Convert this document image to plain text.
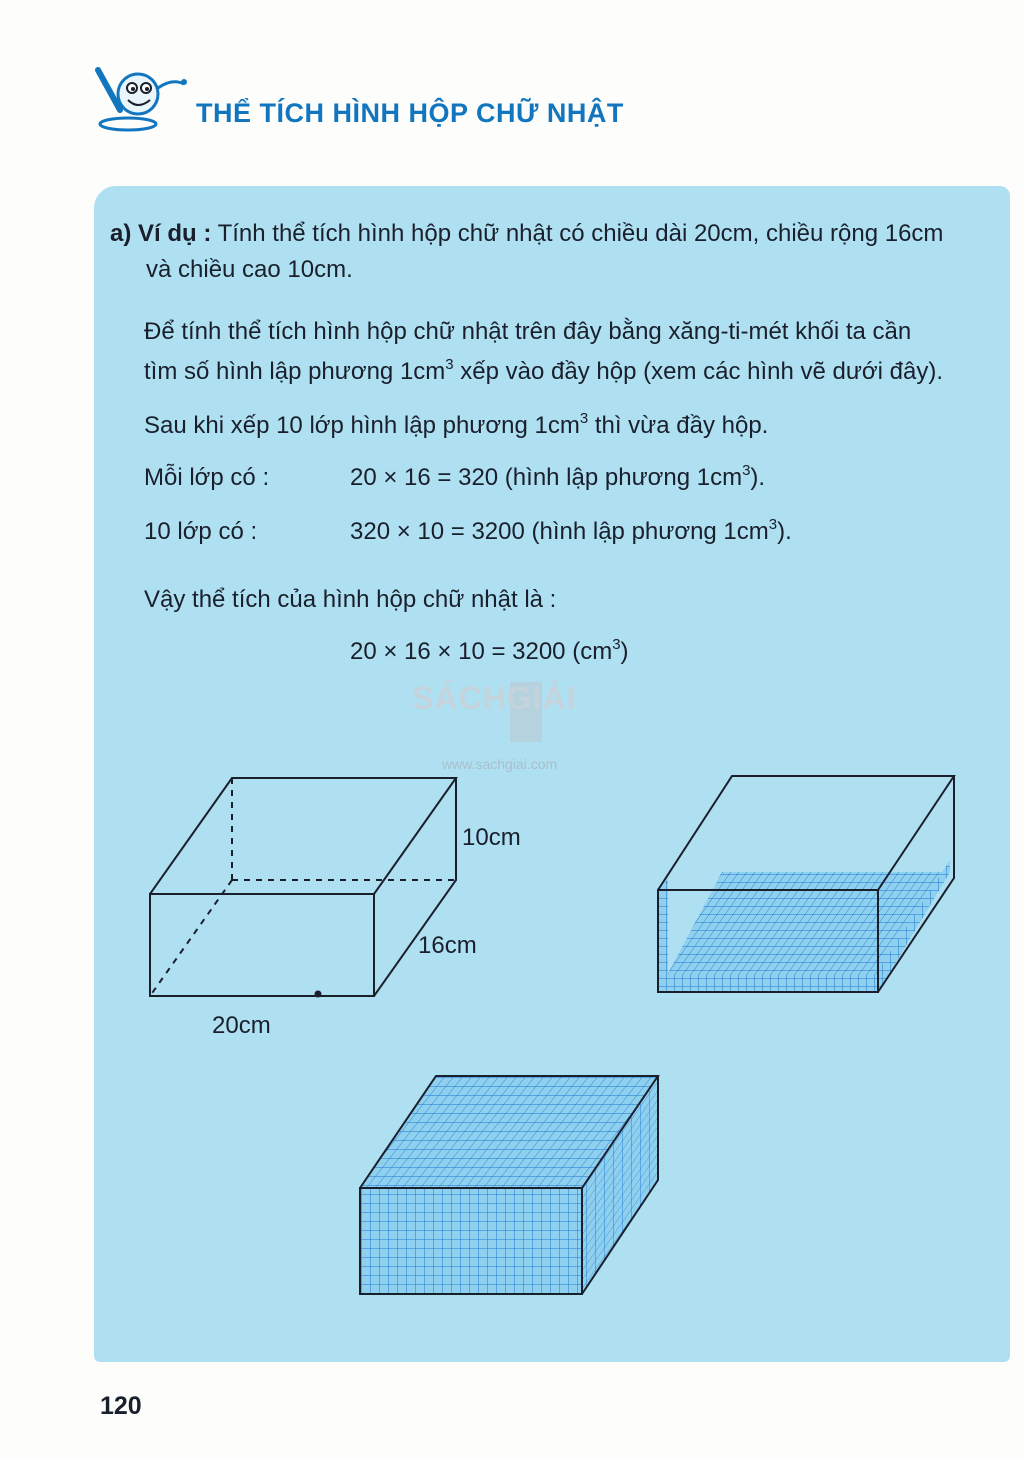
THỂ TÍCH HÌNH HỘP CHỮ NHẬT
a) Ví dụ : Tính thể tích hình hộp chữ nhật có chiều dài 20cm, chiều rộng 16cm
và chiều cao 10cm.
Để tính thể tích hình hộp chữ nhật trên đây bằng xăng-ti-mét khối ta cần
tìm số hình lập phương $1cm^3$ xếp vào đầy hộp (xem các hình vẽ dưới đây).
Sau khi xếp 10 lớp hình lập phương $1cm^3$ thì vừa đầy hộp.
Mỗi lớp có :	20 × 16 = 320 (hình lập phương $1cm^3$).
10 lớp có :	320 × 10 = 3200 (hình lập phương $1cm^3$).
Vậy thể tích của hình hộp chữ nhật là :
20 × 16 × 10 = 3200 $(cm^3)$
SÁCHGIẢI
www.sachgiai.com
10cm
16cm
20cm
120
